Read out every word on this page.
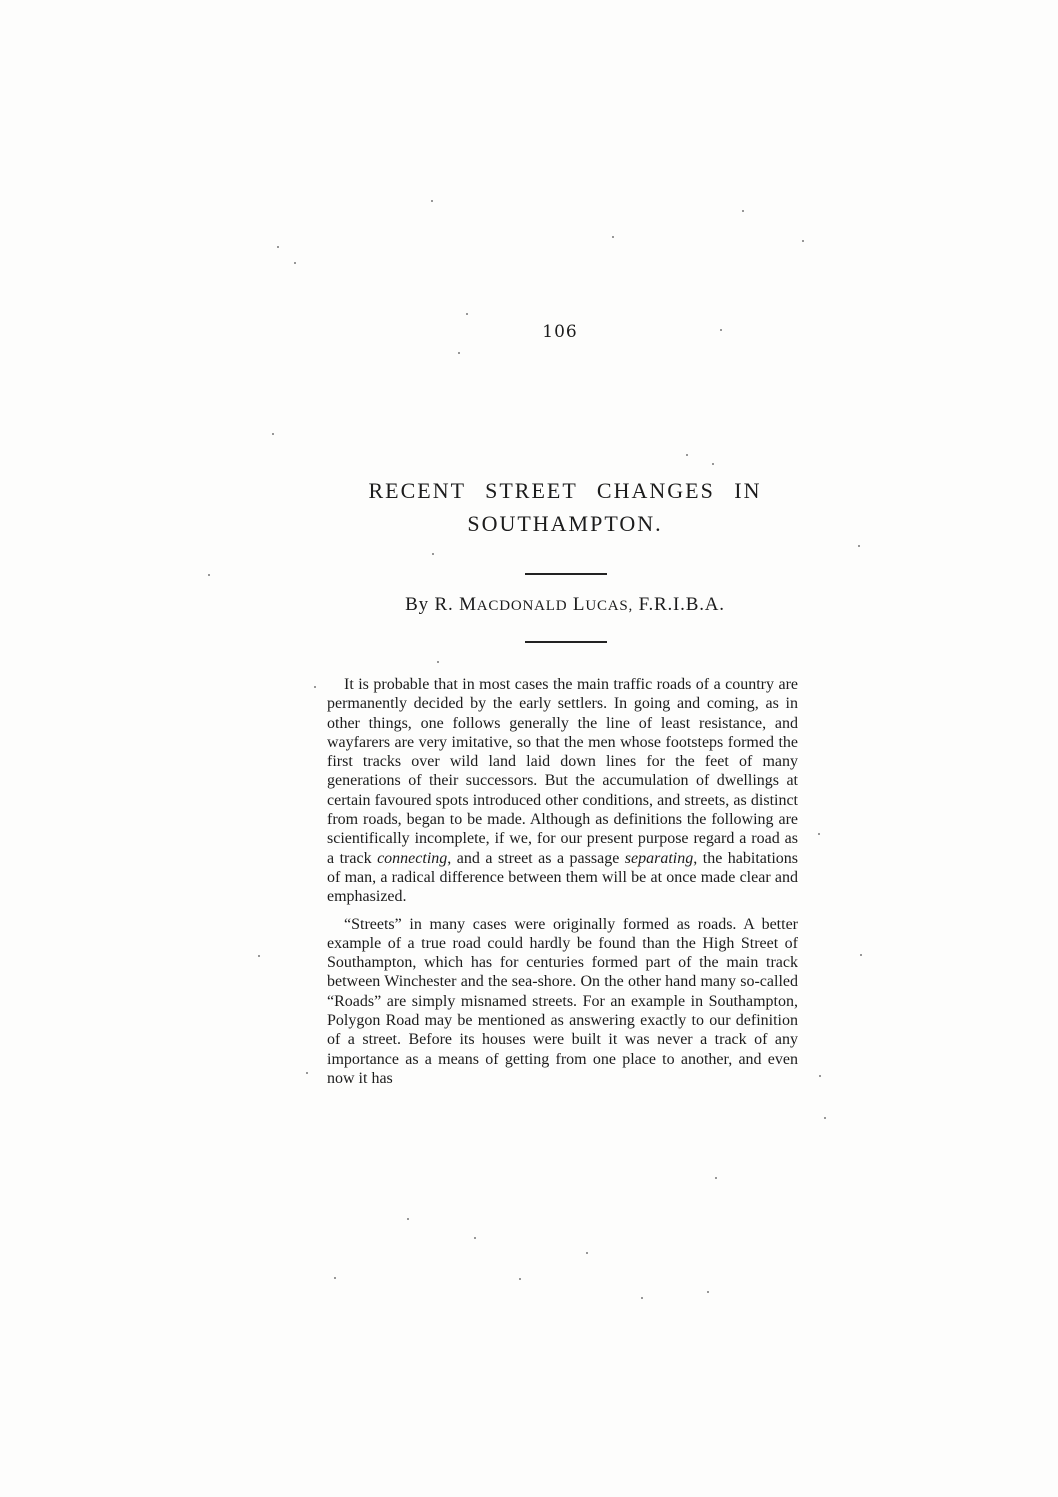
106
RECENT STREET CHANGES IN
SOUTHAMPTON.
By R. MACDONALD LUCAS, F.R.I.B.A.

It is probable that in most cases the main traffic roads of a country are permanently decided by the early settlers. In going and coming, as in other things, one follows generally the line of least resistance, and wayfarers are very imitative, so that the men whose footsteps formed the first tracks over wild land laid down lines for the feet of many generations of their successors. But the accumulation of dwellings at certain favoured spots introduced other conditions, and streets, as distinct from roads, began to be made. Although as definitions the following are scientifically incomplete, if we, for our present purpose regard a road as a track connecting, and a street as a passage separating, the habitations of man, a radical difference between them will be at once made clear and emphasized.

“Streets” in many cases were originally formed as roads. A better example of a true road could hardly be found than the High Street of Southampton, which has for centuries formed part of the main track between Winchester and the sea-shore. On the other hand many so-called “Roads” are simply misnamed streets. For an example in Southampton, Polygon Road may be mentioned as answering exactly to our definition of a street. Before its houses were built it was never a track of any importance as a means of getting from one place to another, and even now it has
